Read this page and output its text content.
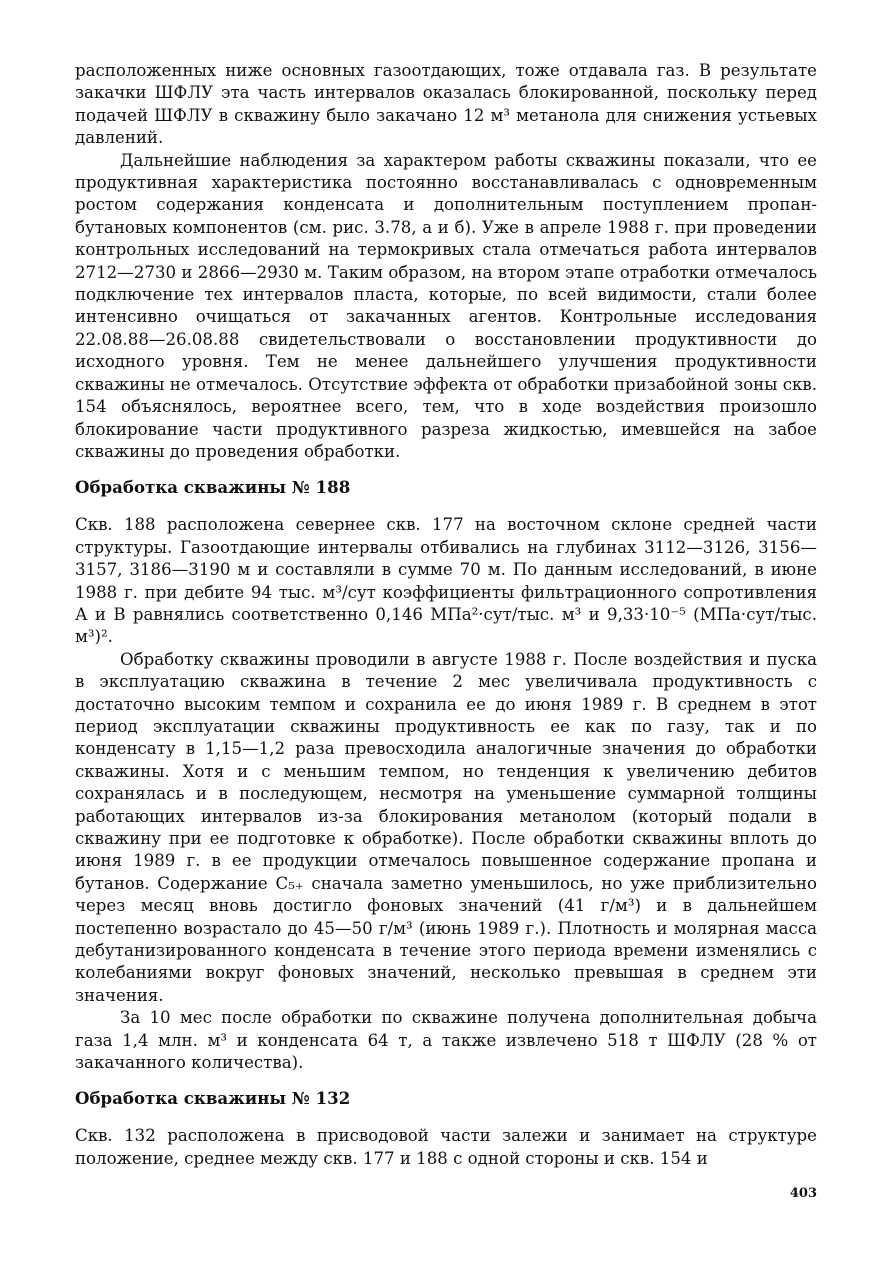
расположенных ниже основных газоотдающих, тоже отдавала газ. В результате закачки ШФЛУ эта часть интервалов оказалась блокированной, поскольку перед подачей ШФЛУ в скважину было закачано 12 м³ метанола для снижения устьевых давлений.

Дальнейшие наблюдения за характером работы скважины показали, что ее продуктивная характеристика постоянно восстанавливалась с одновременным ростом содержания конденсата и дополнительным поступлением пропан-бутановых компонентов (см. рис. 3.78, а и б). Уже в апреле 1988 г. при проведении контрольных исследований на термокривых стала отмечаться работа интервалов 2712—2730 и 2866—2930 м. Таким образом, на втором этапе отработки отмечалось подключение тех интервалов пласта, которые, по всей видимости, стали более интенсивно очищаться от закачанных агентов. Контрольные исследования 22.08.88—26.08.88 свидетельствовали о восстановлении продуктивности до исходного уровня. Тем не менее дальнейшего улучшения продуктивности скважины не отмечалось. Отсутствие эффекта от обработки призабойной зоны скв. 154 объяснялось, вероятнее всего, тем, что в ходе воздействия произошло блокирование части продуктивного разреза жидкостью, имевшейся на забое скважины до проведения обработки.

Обработка скважины № 188

Скв. 188 расположена севернее скв. 177 на восточном склоне средней части структуры. Газоотдающие интервалы отбивались на глубинах 3112—3126, 3156—3157, 3186—3190 м и составляли в сумме 70 м. По данным исследований, в июне 1988 г. при дебите 94 тыс. м³/сут коэффициенты фильтрационного сопротивления А и В равнялись соответственно 0,146 МПа²·сут/тыс. м³ и 9,33·10⁻⁵ (МПа·сут/тыс. м³)².

Обработку скважины проводили в августе 1988 г. После воздействия и пуска в эксплуатацию скважина в течение 2 мес увеличивала продуктивность с достаточно высоким темпом и сохранила ее до июня 1989 г. В среднем в этот период эксплуатации скважины продуктивность ее как по газу, так и по конденсату в 1,15—1,2 раза превосходила аналогичные значения до обработки скважины. Хотя и с меньшим темпом, но тенденция к увеличению дебитов сохранялась и в последующем, несмотря на уменьшение суммарной толщины работающих интервалов из-за блокирования метанолом (который подали в скважину при ее подготовке к обработке). После обработки скважины вплоть до июня 1989 г. в ее продукции отмечалось повышенное содержание пропана и бутанов. Содержание C₅₊ сначала заметно уменьшилось, но уже приблизительно через месяц вновь достигло фоновых значений (41 г/м³) и в дальнейшем постепенно возрастало до 45—50 г/м³ (июнь 1989 г.). Плотность и молярная масса дебутанизированного конденсата в течение этого периода времени изменялись с колебаниями вокруг фоновых значений, несколько превышая в среднем эти значения.

За 10 мес после обработки по скважине получена дополнительная добыча газа 1,4 млн. м³ и конденсата 64 т, а также извлечено 518 т ШФЛУ (28 % от закачанного количества).

Обработка скважины № 132

Скв. 132 расположена в присводовой части залежи и занимает на структуре положение, среднее между скв. 177 и 188 с одной стороны и скв. 154 и

403
